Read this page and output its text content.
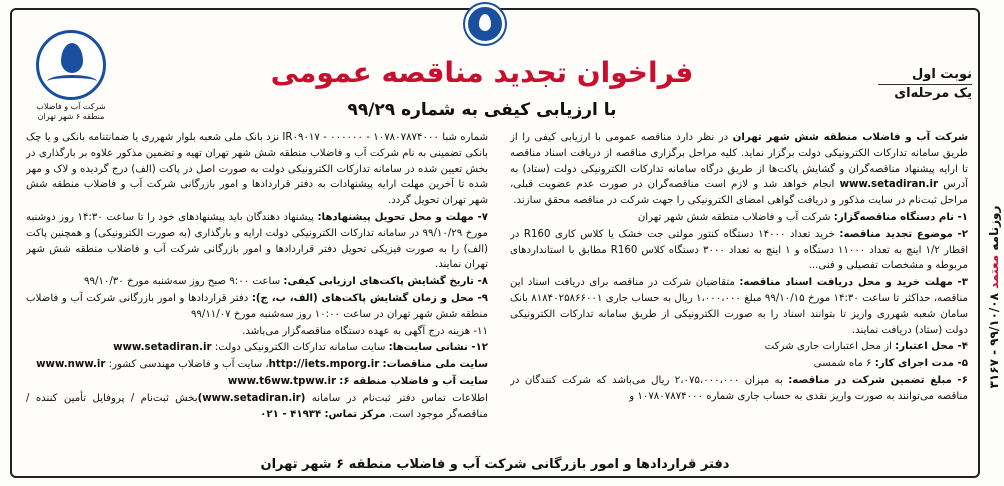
فراخوان تجدید مناقصه عمومی
با ارزیابی کیفی به شماره ۹۹/۲۹
نوبت اول
یک مرحله‌ای
شرکت آب و فاضلاب
منطقه ۶ شهر تهران

شرکت آب و فاضلاب منطقه شش شهر تهران در نظر دارد مناقصه عمومی با ارزیابی کیفی را از طریق سامانه تدارکات الکترونیکی دولت برگزار نماید. کلیه مراحل برگزاری مناقصه از دریافت اسناد مناقصه تا ارایه پیشنهاد مناقصه‌گران و گشایش پاکت‌ها از طریق درگاه سامانه تدارکات الکترونیکی دولت (ستاد) به آدرس www.setadiran.ir انجام خواهد شد و لازم است مناقصه‌گران در صورت عدم عضویت قبلی، مراحل ثبت‌نام در سایت مذکور و دریافت گواهی امضای الکترونیکی را جهت شرکت در مناقصه محقق سازند.

۱- نام دستگاه مناقصه‌گزار: شرکت آب و فاضلاب منطقه شش شهر تهران

۲- موضوع تجدید مناقصه: خرید تعداد ۱۴۰۰۰ دستگاه کنتور مولتی جت خشک یا کلاس کاری R160 در اقطار ۱/۲ اینچ به تعداد ۱۱۰۰۰ دستگاه و ۱ اینچ به تعداد ۳۰۰۰ دستگاه کلاس R160 مطابق با استانداردهای مربوطه و مشخصات تفصیلی و فنی...

۳- مهلت خرید و محل دریافت اسناد مناقصه: متقاضیان شرکت در مناقصه برای دریافت اسناد این مناقصه، حداکثر تا ساعت ۱۴:۳۰ مورخ ۹۹/۱۰/۱۵ مبلغ ۱،۰۰۰،۰۰۰ ریال به حساب جاری ۸۱۸۴۰۲۵۸۶۶۰۰۱ بانک سامان شعبه شهرری واریز تا بتوانند اسناد را به صورت الکترونیکی از طریق سامانه تدارکات الکترونیکی دولت (ستاد) دریافت نمایند.

۴- محل اعتبار: از محل اعتبارات جاری شرکت

۵- مدت اجرای کار: ۶ ماه شمسی

۶- مبلغ تضمین شرکت در مناقصه: به میزان ۲،۰۷۵،۰۰۰،۰۰۰ ریال می‌باشد که شرکت کنندگان در مناقصه می‌توانند به صورت واریز نقدی به حساب جاری شماره ۱۰۷۸۰۷۸۷۴۰۰۰ و

شماره شبا ۱۰۷۸۰۷۸۷۴۰۰۰ - ۰۰۰۰۰۰ - IR۰۹۰۱۷ نزد بانک ملی شعبه بلوار شهرری یا ضمانتنامه بانکی و یا چک بانکی تضمینی به نام شرکت آب و فاضلاب منطقه شش شهر تهران تهیه و تضمین مذکور علاوه بر بارگذاری در بخش تعیین شده در سامانه تدارکات الکترونیکی دولت به صورت اصل در پاکت (الف) درج گردیده و لاک و مهر شده تا آخرین مهلت ارایه پیشنهادات به دفتر قراردادها و امور بازرگانی شرکت آب و فاضلاب منطقه شش شهر تهران تحویل گردد.

۷- مهلت و محل تحویل پیشنهادها: پیشنهاد دهندگان باید پیشنهادهای خود را تا ساعت ۱۴:۳۰ روز دوشنبه مورخ ۹۹/۱۰/۲۹ در سامانه تدارکات الکترونیکی دولت ارایه و بارگذاری (به صورت الکترونیکی) و همچنین پاکت (الف) را به صورت فیزیکی تحویل دفتر قراردادها و امور بازرگانی شرکت آب و فاضلاب منطقه شش شهر تهران نمایند.

۸- تاریخ گشایش پاکت‌های ارزیابی کیفی: ساعت ۹:۰۰ صبح روز سه‌شنبه مورخ ۹۹/۱۰/۳۰

۹- محل و زمان گشایش پاکت‌های (الف، ب، ج): دفتر قراردادها و امور بازرگانی شرکت آب و فاضلاب منطقه شش شهر تهران در ساعت ۱۰:۰۰ روز سه‌شنبه مورخ ۹۹/۱۱/۰۷

۱۱- هزینه درج آگهی به عهده دستگاه مناقصه‌گزار می‌باشد.

۱۲- نشانی سایت‌ها: سایت سامانه تدارکات الکترونیکی دولت: www.setadiran.ir

سایت ملی مناقصات: http://iets.mporg.ir، سایت آب و فاضلاب مهندسی کشور: www.nww.ir

سایت آب و فاضلاب منطقه ۶: www.t6ww.tpww.ir

اطلاعات تماس دفتر ثبت‌نام در سامانه (www.setadiran.ir)بخش ثبت‌نام / پروفایل تأمین کننده / مناقصه‌گر موجود است. مرکز تماس: ۴۱۹۳۴ - ۰۲۱

دفتر قراردادها و امور بازرگانی شرکت آب و فاضلاب منطقه ۶ شهر تهران
روزنامه معتمد ۹۹/۱۰/۰۸ - ۳۱۶۷
